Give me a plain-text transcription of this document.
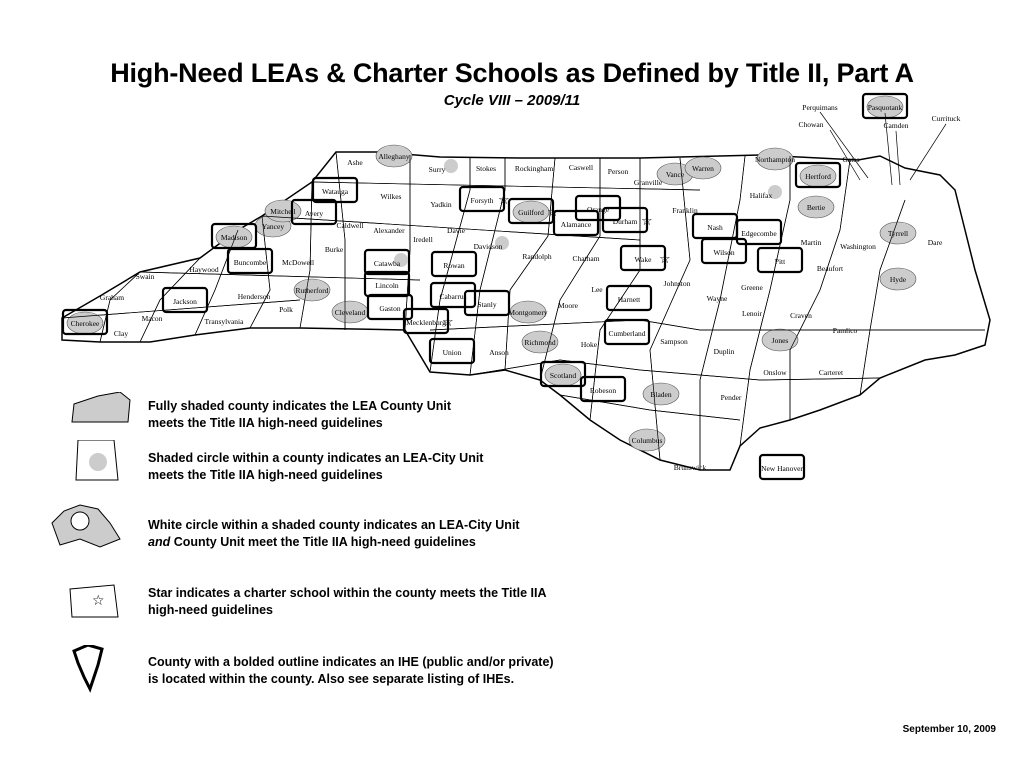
High-Need LEAs & Charter Schools as Defined by Title II, Part A
Cycle VIII – 2009/11
Cherokee
Clay
Graham
Swain
Macon
Jackson
Haywood
Transylvania
Henderson
Polk
Buncombe
Madison
Yancey
Mitchell Avery
McDowell
Rutherford
Burke
Caldwell
Watauga
Ashe
Alleghany
Wilkes
Surry
Alexander
Cleveland
Lincoln
Gaston
Catawba
Iredell
Yadkin
Stokes
☆
Forsyth
Davie
Davidson
Rowan
Cabarrus
☆
Mecklenburg
Union
Stanly
Montgomery
Anson
Richmond
Rockingham
☆
Guilford
Randolph
Caswell
Alamance
Orange
☆
Durham
Chatham
Person
Granville
Vance
Warren
Franklin
☆
Wake
Lee
Moore
Harnett
Hoke
Scotland
Cumberland
Robeson	Bladen
Columbus
Brunswick	New Hanover
Pender
Sampson
Duplin
Johnston
Wayne
Nash
Wilson
Edgecombe
Halifax
Northampton
Hertford
Bertie
Martin
Pitt
Greene
Lenoir
Jones
Onslow
Craven
Carteret
Pamlico
Beaufort
Washington
Tyrrell
Hyde
Dare
Gates
Chowan
Perquimans	Pasquotank
Camden
Currituck
Fully shaded county indicates the LEA County Unit
meets the Title IIA high-need guidelines
Shaded circle within a county indicates an LEA-City Unit
meets the Title IIA high-need guidelines
White circle within a shaded county indicates an LEA-City Unit
and County Unit meet the Title IIA high-need guidelines
☆	Star indicates a charter school within the county meets the Title IIA
high-need guidelines
County with a bolded outline indicates an IHE (public and/or private)
is located within the county. Also see separate listing of IHEs.
September 10, 2009
